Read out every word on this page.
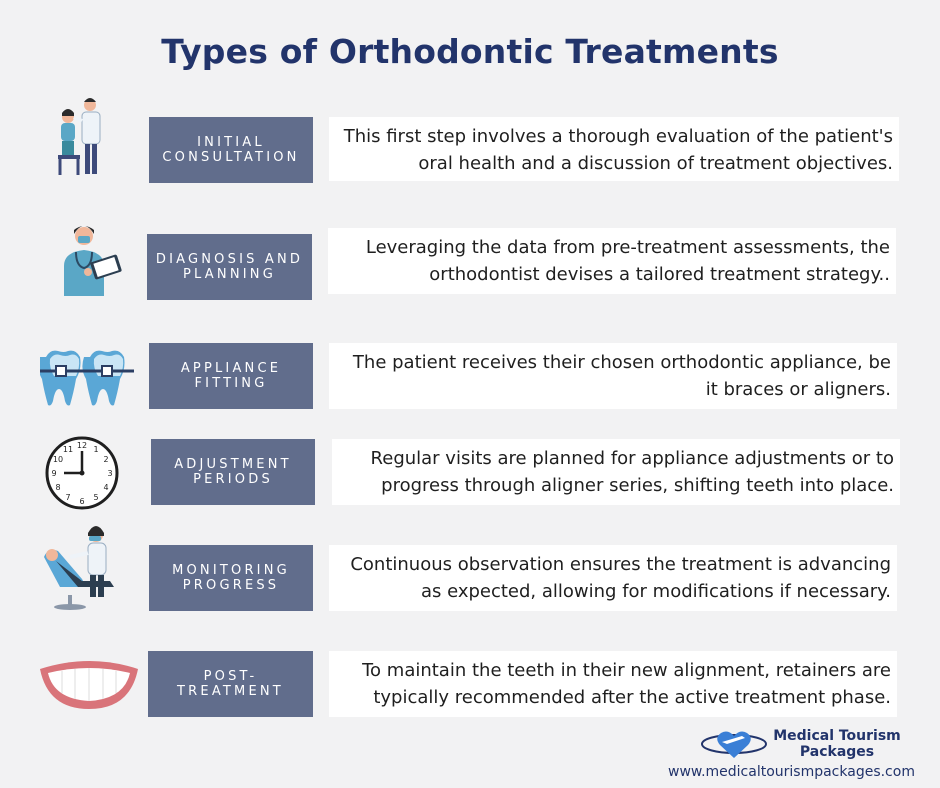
Types of Orthodontic Treatments
INITIAL CONSULTATION
This first step involves a thorough evaluation of the patient's oral health and a discussion of treatment objectives.
DIAGNOSIS AND PLANNING
Leveraging the data from pre-treatment assessments, the orthodontist devises a tailored treatment strategy..
APPLIANCE FITTING
The patient receives their chosen orthodontic appliance, be it braces or aligners.
12 1
2
3
4
5
6
7
8
9
10
11
ADJUSTMENT PERIODS
Regular visits are planned for appliance adjustments or to progress through aligner series, shifting teeth into place.
MONITORING PROGRESS
Continuous observation ensures the treatment is advancing as expected, allowing for modifications if necessary.
POST-TREATMENT
To maintain the teeth in their new alignment, retainers are typically recommended after the active treatment phase.
Medical Tourism
Packages
www.medicaltourismpackages.com
